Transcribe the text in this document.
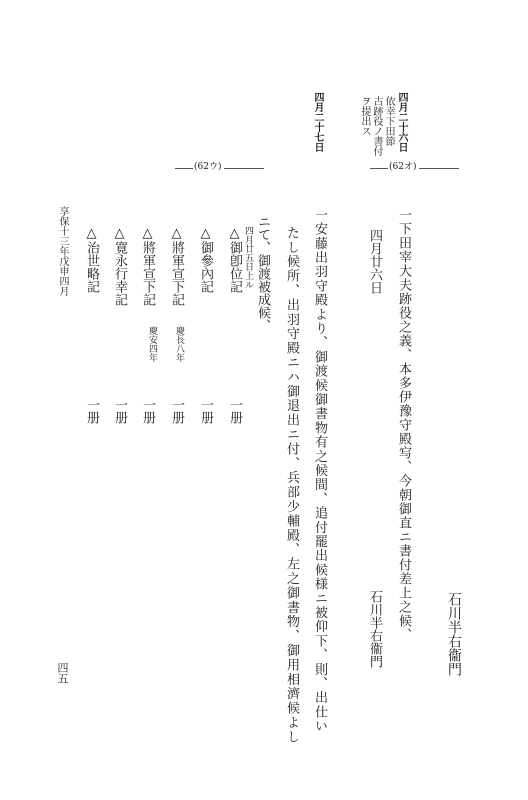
四月二十六日
依幸下田節
古跡役ノ書付
ヲ提出ス
四月二十七日
(62オ)
(62ウ)
石川半右衞門
一下田宰大夫跡役之義、本多伊豫守殿㝍、今朝御直ニ書付差上之候、
四月廿六日
石川半右衞門
一安藤出羽守殿より、御渡候御書物有之候間、追付罷出候様ニ被仰下、則、出仕い
たし候所、出羽守殿ニハ御退出ニ付、兵部少輔殿、左之御書物、御用相濟候よし
ニて、御渡被成候、
四月廿五日上ル
△御卽位記
一册
△御參內記
一册
△將軍宣下記
慶長八年
一册
△將軍宣下記
慶安四年
一册
△寛永行幸記
一册
△治世略記
一册
享保十三年戊申四月
四五
